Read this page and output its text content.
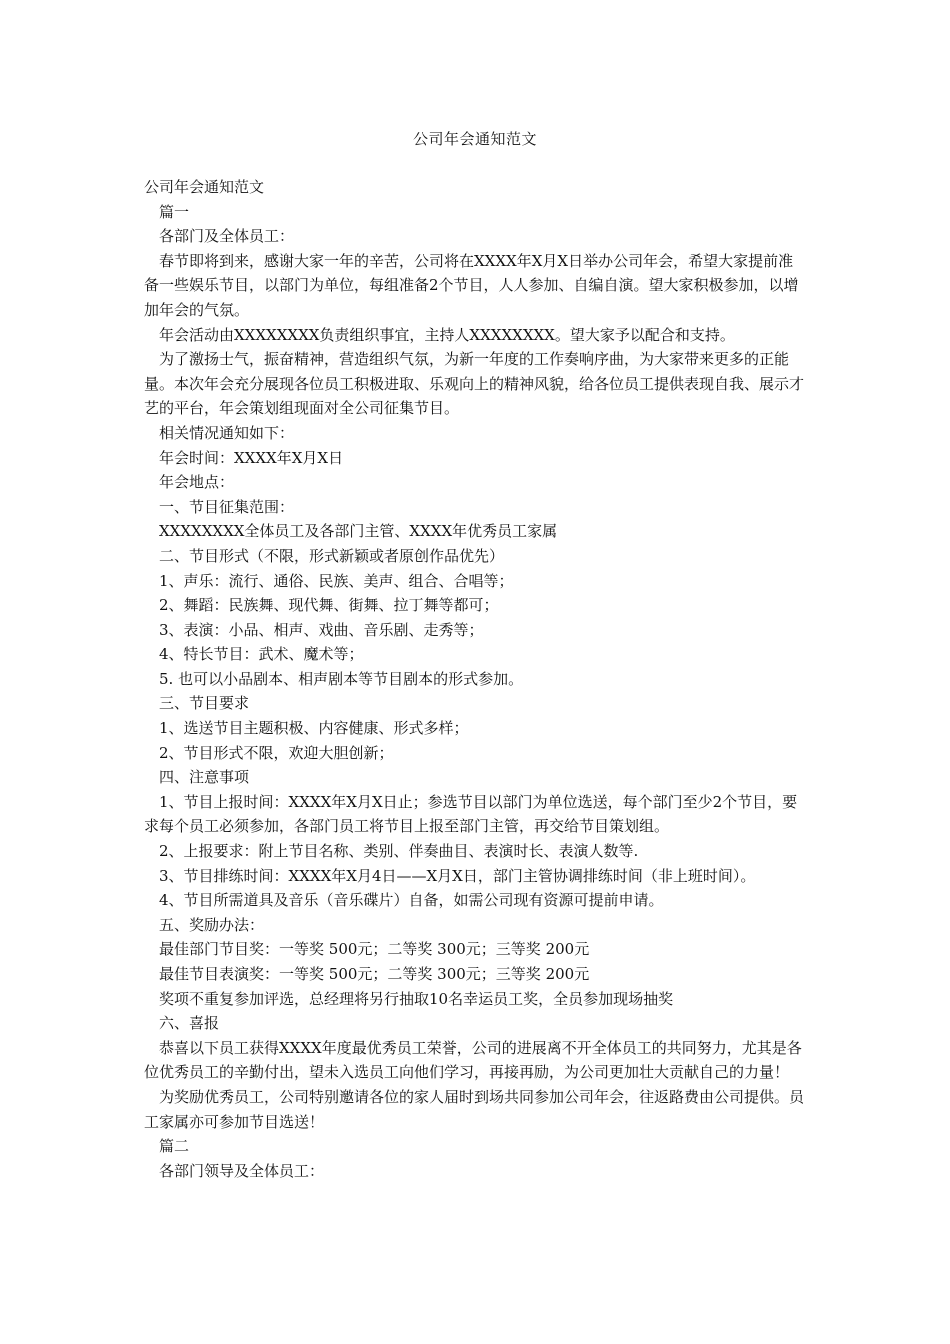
公司年会通知范文

公司年会通知范文

篇一

各部门及全体员工：

春节即将到来，感谢大家一年的辛苦，公司将在XXXX年X月X日举办公司年会，希望大家提前准备一些娱乐节目，以部门为单位，每组准备2个节目，人人参加、自编自演。望大家积极参加，以增加年会的气氛。

年会活动由XXXXXXXX负责组织事宜，主持人XXXXXXXX。望大家予以配合和支持。

为了激扬士气，振奋精神，营造组织气氛，为新一年度的工作奏响序曲，为大家带来更多的正能量。本次年会充分展现各位员工积极进取、乐观向上的精神风貌，给各位员工提供表现自我、展示才艺的平台，年会策划组现面对全公司征集节目。

相关情况通知如下：

年会时间：XXXX年X月X日

年会地点：

一、节目征集范围：

XXXXXXXX全体员工及各部门主管、XXXX年优秀员工家属

二、节目形式（不限，形式新颖或者原创作品优先）

1、声乐：流行、通俗、民族、美声、组合、合唱等；

2、舞蹈：民族舞、现代舞、街舞、拉丁舞等都可；

3、表演：小品、相声、戏曲、音乐剧、走秀等；

4、特长节目：武术、魔术等；

5. 也可以小品剧本、相声剧本等节目剧本的形式参加。

三、节目要求

1、选送节目主题积极、内容健康、形式多样；

2、节目形式不限，欢迎大胆创新；

四、注意事项

1、节目上报时间：XXXX年X月X日止；参选节目以部门为单位选送，每个部门至少2个节目，要求每个员工必须参加，各部门员工将节目上报至部门主管，再交给节目策划组。

2、上报要求：附上节目名称、类别、伴奏曲目、表演时长、表演人数等.

3、节目排练时间：XXXX年X月4日——X月X日，部门主管协调排练时间（非上班时间）。

4、节目所需道具及音乐（音乐碟片）自备，如需公司现有资源可提前申请。

五、奖励办法：

最佳部门节目奖：一等奖 500元；二等奖 300元；三等奖 200元

最佳节目表演奖：一等奖 500元；二等奖 300元；三等奖 200元

奖项不重复参加评选，总经理将另行抽取10名幸运员工奖，全员参加现场抽奖

六、喜报

恭喜以下员工获得XXXX年度最优秀员工荣誉，公司的进展离不开全体员工的共同努力，尤其是各位优秀员工的辛勤付出，望未入选员工向他们学习，再接再励，为公司更加壮大贡献自己的力量！

为奖励优秀员工，公司特别邀请各位的家人届时到场共同参加公司年会，往返路费由公司提供。员工家属亦可参加节目选送！

篇二

各部门领导及全体员工：
